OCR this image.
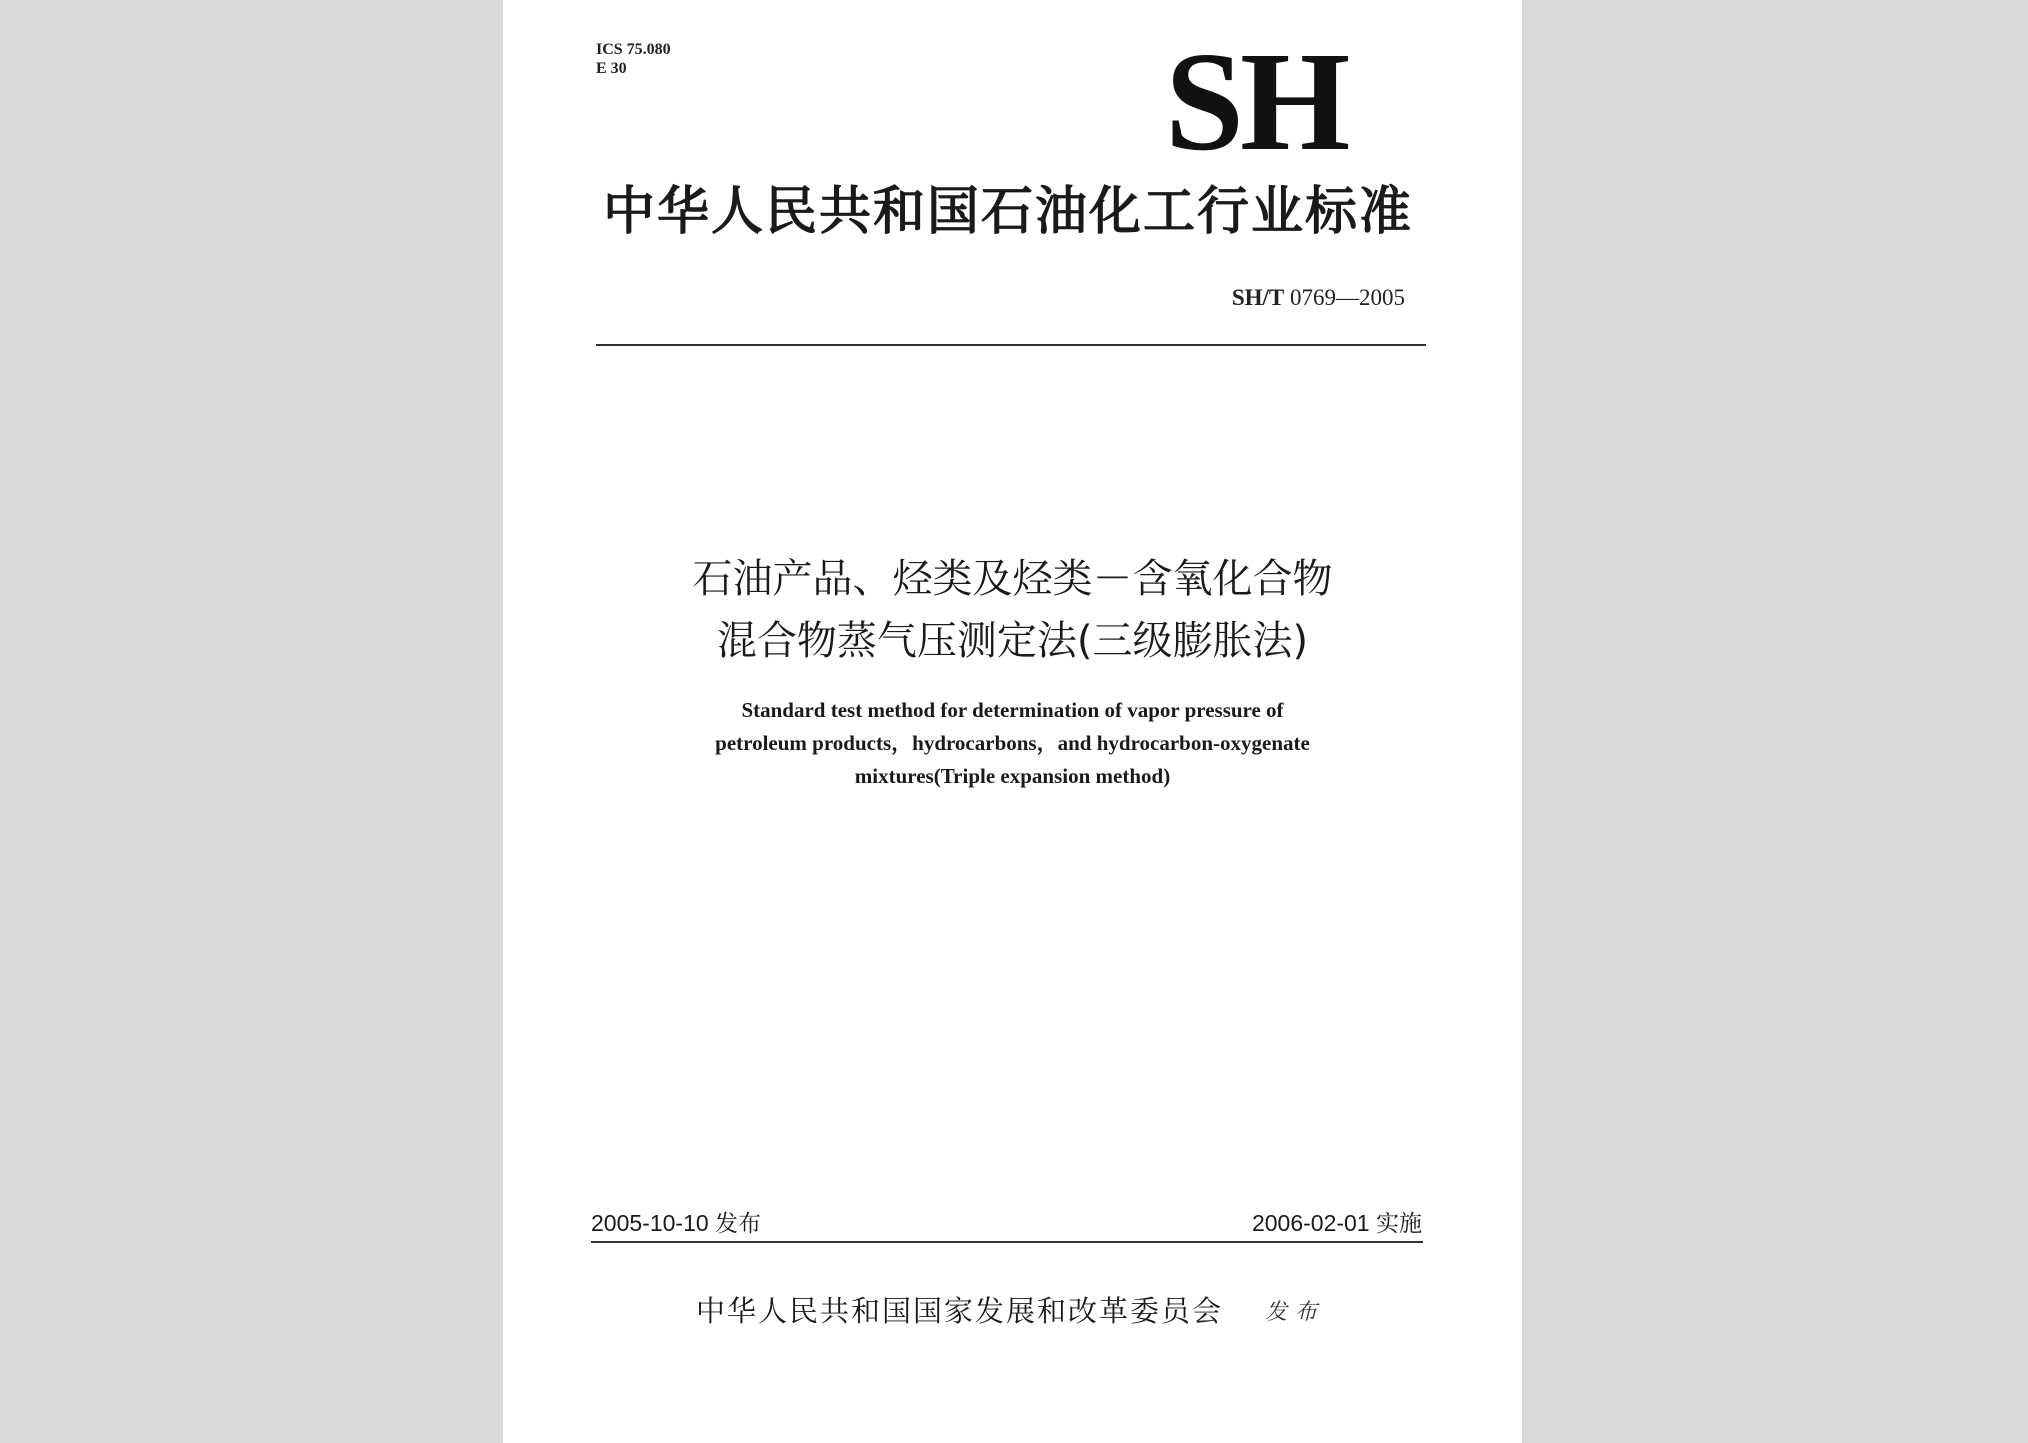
ICS 75.080
E 30	SH
中华人民共和国石油化工行业标准
SH/T 0769—2005
石油产品、烃类及烃类－含氧化合物
混合物蒸气压测定法(三级膨胀法)
Standard test method for determination of vapor pressure of
petroleum products，hydrocarbons，and hydrocarbon-oxygenate
mixtures(Triple expansion method)
2005-10-10 发布	2006-02-01 实施
中华人民共和国国家发展和改革委员会 发布
